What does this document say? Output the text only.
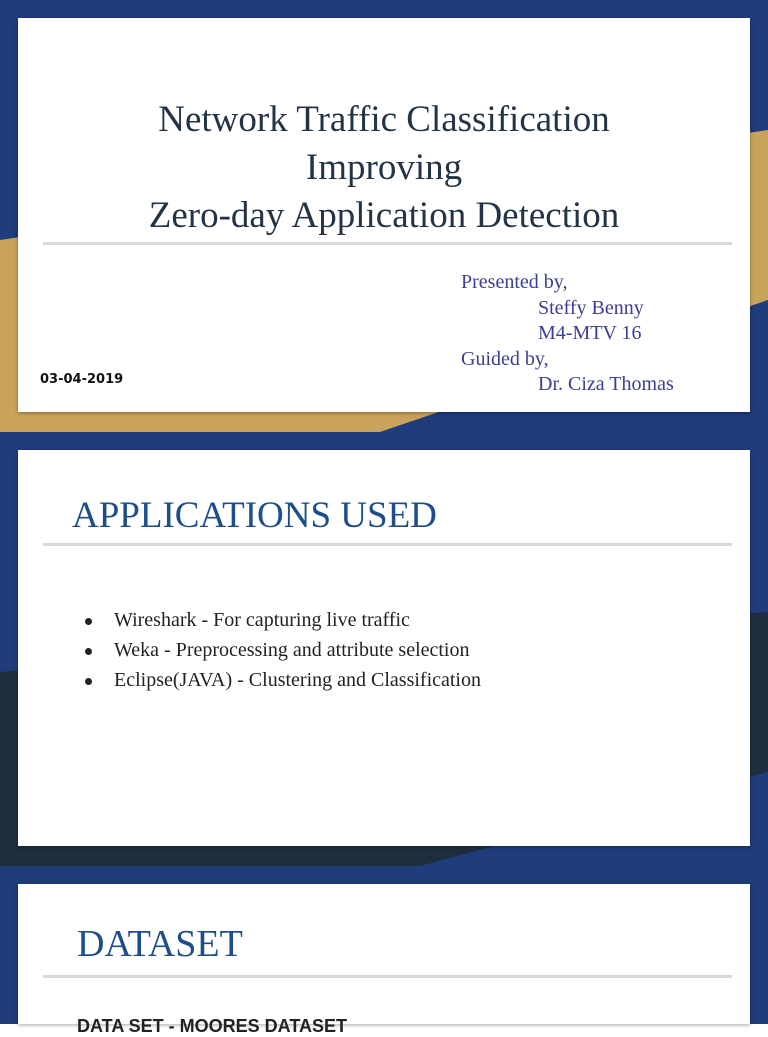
Network Traffic Classification
Improving
Zero-day Application Detection
Presented by,
Steffy Benny
M4-MTV 16
Guided by,
Dr. Ciza Thomas
03-04-2019
APPLICATIONS USED
Wireshark - For capturing live traffic
Weka - Preprocessing and attribute selection
Eclipse(JAVA) - Clustering and Classification
DATASET
DATA SET - MOORES DATASET
